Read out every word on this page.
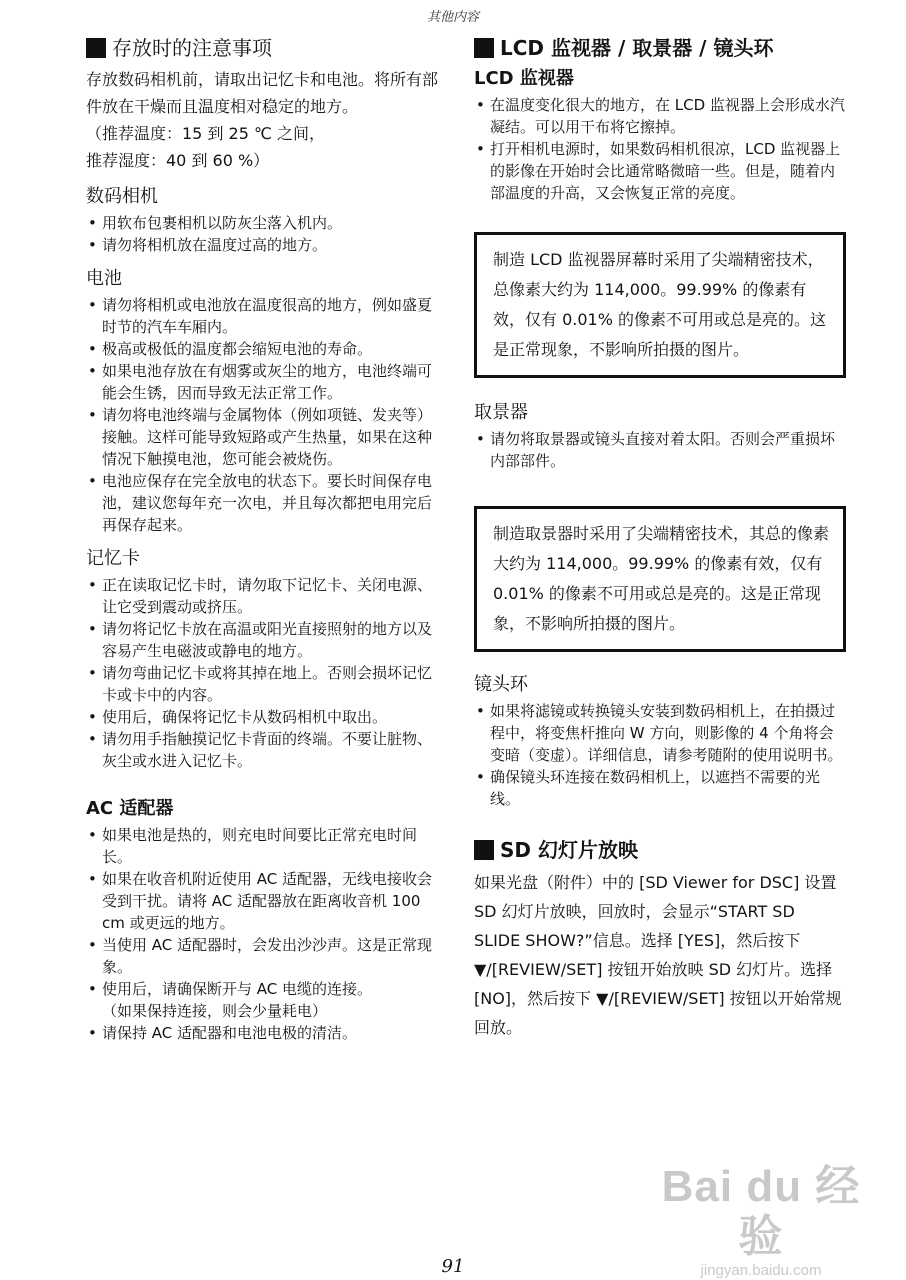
其他内容
存放时的注意事项

存放数码相机前，请取出记忆卡和电池。将所有部件放在干燥而且温度相对稳定的地方。

（推荐温度：15 到 25 ℃ 之间，

推荐湿度：40 到 60 %）

数码相机
• 用软布包裹相机以防灰尘落入机内。
• 请勿将相机放在温度过高的地方。
电池
• 请勿将相机或电池放在温度很高的地方，例如盛夏时节的汽车车厢内。
• 极高或极低的温度都会缩短电池的寿命。
• 如果电池存放在有烟雾或灰尘的地方，电池终端可能会生锈，因而导致无法正常工作。
• 请勿将电池终端与金属物体（例如项链、发夹等）接触。这样可能导致短路或产生热量，如果在这种情况下触摸电池，您可能会被烧伤。
• 电池应保存在完全放电的状态下。要长时间保存电池，建议您每年充一次电，并且每次都把电用完后再保存起来。
记忆卡
• 正在读取记忆卡时，请勿取下记忆卡、关闭电源、让它受到震动或挤压。
• 请勿将记忆卡放在高温或阳光直接照射的地方以及容易产生电磁波或静电的地方。
• 请勿弯曲记忆卡或将其掉在地上。否则会损坏记忆卡或卡中的内容。
• 使用后，确保将记忆卡从数码相机中取出。
• 请勿用手指触摸记忆卡背面的终端。不要让脏物、灰尘或水进入记忆卡。
AC 适配器
• 如果电池是热的，则充电时间要比正常充电时间长。
• 如果在收音机附近使用 AC 适配器，无线电接收会受到干扰。请将 AC 适配器放在距离收音机 100 cm 或更远的地方。
• 当使用 AC 适配器时，会发出沙沙声。这是正常现象。
• 使用后，请确保断开与 AC 电缆的连接。
（如果保持连接，则会少量耗电）
• 请保持 AC 适配器和电池电极的清洁。
LCD 监视器 / 取景器 / 镜头环
LCD 监视器
• 在温度变化很大的地方，在 LCD 监视器上会形成水汽凝结。可以用干布将它擦掉。
• 打开相机电源时，如果数码相机很凉，LCD 监视器上的影像在开始时会比通常略微暗一些。但是，随着内部温度的升高，又会恢复正常的亮度。
制造 LCD 监视器屏幕时采用了尖端精密技术，总像素大约为 114,000。99.99% 的像素有效，仅有 0.01% 的像素不可用或总是亮的。这是正常现象，不影响所拍摄的图片。
取景器
• 请勿将取景器或镜头直接对着太阳。否则会严重损坏内部部件。
制造取景器时采用了尖端精密技术，其总的像素大约为 114,000。99.99% 的像素有效，仅有 0.01% 的像素不可用或总是亮的。这是正常现象，不影响所拍摄的图片。
镜头环
• 如果将滤镜或转换镜头安装到数码相机上，在拍摄过程中，将变焦杆推向 W 方向，则影像的 4 个角将会变暗（变虚）。详细信息，请参考随附的使用说明书。
• 确保镜头环连接在数码相机上，以遮挡不需要的光线。
SD 幻灯片放映

如果光盘（附件）中的 [SD Viewer for DSC] 设置 SD 幻灯片放映，回放时，会显示“START SD SLIDE SHOW?”信息。选择 [YES]，然后按下 ▼/[REVIEW/SET] 按钮开始放映 SD 幻灯片。选择 [NO]，然后按下 ▼/[REVIEW/SET] 按钮以开始常规回放。

Bai du 经验
jingyan.baidu.com
91
